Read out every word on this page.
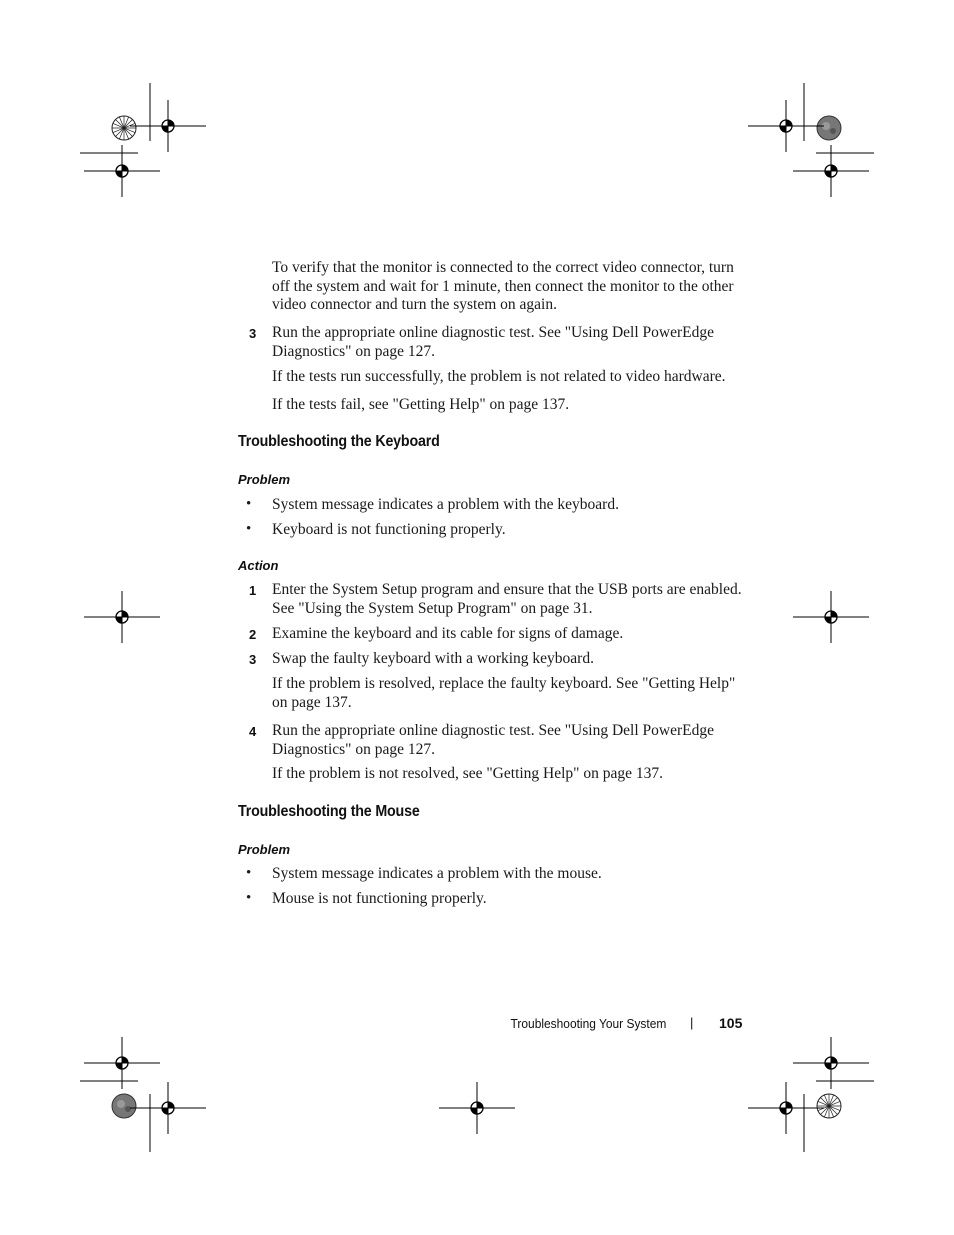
To verify that the monitor is connected to the correct video connector, turn off the system and wait for 1 minute, then connect the monitor to the other video connector and turn the system on again.
3 Run the appropriate online diagnostic test. See "Using Dell PowerEdge Diagnostics" on page 127.
If the tests run successfully, the problem is not related to video hardware.
If the tests fail, see "Getting Help" on page 137.
Troubleshooting the Keyboard
Problem
• System message indicates a problem with the keyboard.
• Keyboard is not functioning properly.
Action
1 Enter the System Setup program and ensure that the USB ports are enabled. See "Using the System Setup Program" on page 31.
2 Examine the keyboard and its cable for signs of damage.
3 Swap the faulty keyboard with a working keyboard.
If the problem is resolved, replace the faulty keyboard. See "Getting Help" on page 137.
4 Run the appropriate online diagnostic test. See "Using Dell PowerEdge Diagnostics" on page 127.
If the problem is not resolved, see "Getting Help" on page 137.
Troubleshooting the Mouse
Problem
• System message indicates a problem with the mouse.
• Mouse is not functioning properly.
Troubleshooting Your System | 105
